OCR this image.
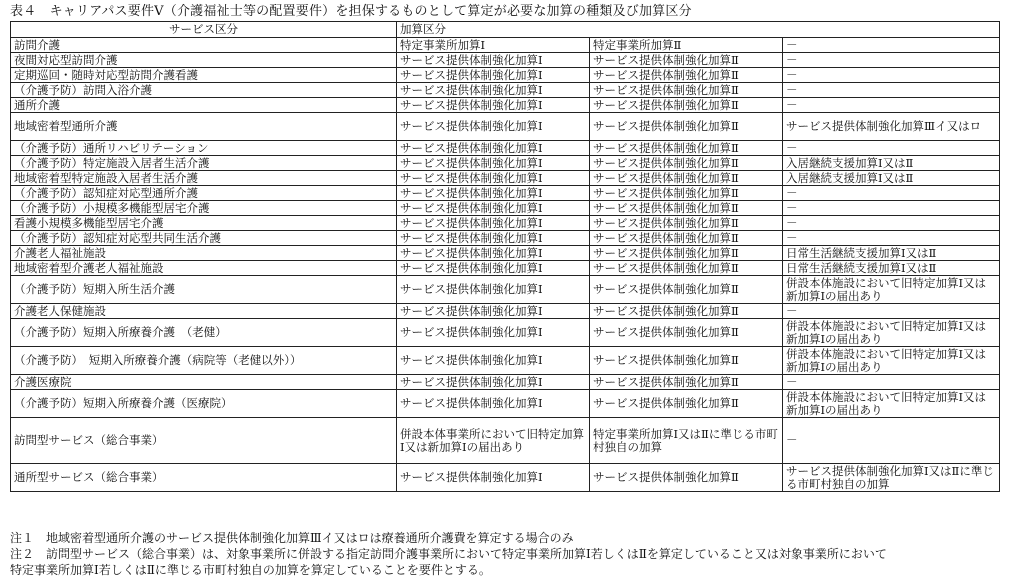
表４　キャリアパス要件Ⅴ（介護福祉士等の配置要件）を担保するものとして算定が必要な加算の種類及び加算区分
サービス区分	加算区分		
訪問介護	特定事業所加算Ⅰ	特定事業所加算Ⅱ	－
夜間対応型訪問介護	サービス提供体制強化加算Ⅰ	サービス提供体制強化加算Ⅱ	－
定期巡回・随時対応型訪問介護看護	サービス提供体制強化加算Ⅰ	サービス提供体制強化加算Ⅱ	－
（介護予防）訪問入浴介護	サービス提供体制強化加算Ⅰ	サービス提供体制強化加算Ⅱ	－
通所介護	サービス提供体制強化加算Ⅰ	サービス提供体制強化加算Ⅱ	－
地域密着型通所介護	サービス提供体制強化加算Ⅰ	サービス提供体制強化加算Ⅱ	サービス提供体制強化加算Ⅲイ又はロ
（介護予防）通所リハビリテーション	サービス提供体制強化加算Ⅰ	サービス提供体制強化加算Ⅱ	－
（介護予防）特定施設入居者生活介護	サービス提供体制強化加算Ⅰ	サービス提供体制強化加算Ⅱ	入居継続支援加算Ⅰ又はⅡ
地域密着型特定施設入居者生活介護	サービス提供体制強化加算Ⅰ	サービス提供体制強化加算Ⅱ	入居継続支援加算Ⅰ又はⅡ
（介護予防）認知症対応型通所介護	サービス提供体制強化加算Ⅰ	サービス提供体制強化加算Ⅱ	－
（介護予防）小規模多機能型居宅介護	サービス提供体制強化加算Ⅰ	サービス提供体制強化加算Ⅱ	－
看護小規模多機能型居宅介護	サービス提供体制強化加算Ⅰ	サービス提供体制強化加算Ⅱ	－
（介護予防）認知症対応型共同生活介護	サービス提供体制強化加算Ⅰ	サービス提供体制強化加算Ⅱ	－
介護老人福祉施設	サービス提供体制強化加算Ⅰ	サービス提供体制強化加算Ⅱ	日常生活継続支援加算Ⅰ又はⅡ
地域密着型介護老人福祉施設	サービス提供体制強化加算Ⅰ	サービス提供体制強化加算Ⅱ	日常生活継続支援加算Ⅰ又はⅡ
（介護予防）短期入所生活介護	サービス提供体制強化加算Ⅰ	サービス提供体制強化加算Ⅱ	併設本体施設において旧特定加算Ⅰ又は新加算Ⅰの届出あり
介護老人保健施設	サービス提供体制強化加算Ⅰ	サービス提供体制強化加算Ⅱ	－
（介護予防）短期入所療養介護　（老健）	サービス提供体制強化加算Ⅰ	サービス提供体制強化加算Ⅱ	併設本体施設において旧特定加算Ⅰ又は新加算Ⅰの届出あり
（介護予防）　短期入所療養介護（病院等（老健以外））	サービス提供体制強化加算Ⅰ	サービス提供体制強化加算Ⅱ	併設本体施設において旧特定加算Ⅰ又は新加算Ⅰの届出あり
介護医療院	サービス提供体制強化加算Ⅰ	サービス提供体制強化加算Ⅱ	－
（介護予防）短期入所療養介護（医療院）	サービス提供体制強化加算Ⅰ	サービス提供体制強化加算Ⅱ	併設本体施設において旧特定加算Ⅰ又は新加算Ⅰの届出あり
訪問型サービス（総合事業）	併設本体事業所において旧特定加算Ⅰ又は新加算Ⅰの届出あり	特定事業所加算Ⅰ又はⅡに準じる市町村独自の加算	－
通所型サービス（総合事業）	サービス提供体制強化加算Ⅰ	サービス提供体制強化加算Ⅱ	サービス提供体制強化加算Ⅰ又はⅡに準じる市町村独自の加算
注１　地域密着型通所介護のサービス提供体制強化加算Ⅲイ又はロは療養通所介護費を算定する場合のみ
注２　訪問型サービス（総合事業）は、対象事業所に併設する指定訪問介護事業所において特定事業所加算Ⅰ若しくはⅡを算定していること又は対象事業所において
特定事業所加算Ⅰ若しくはⅡに準じる市町村独自の加算を算定していることを要件とする。
